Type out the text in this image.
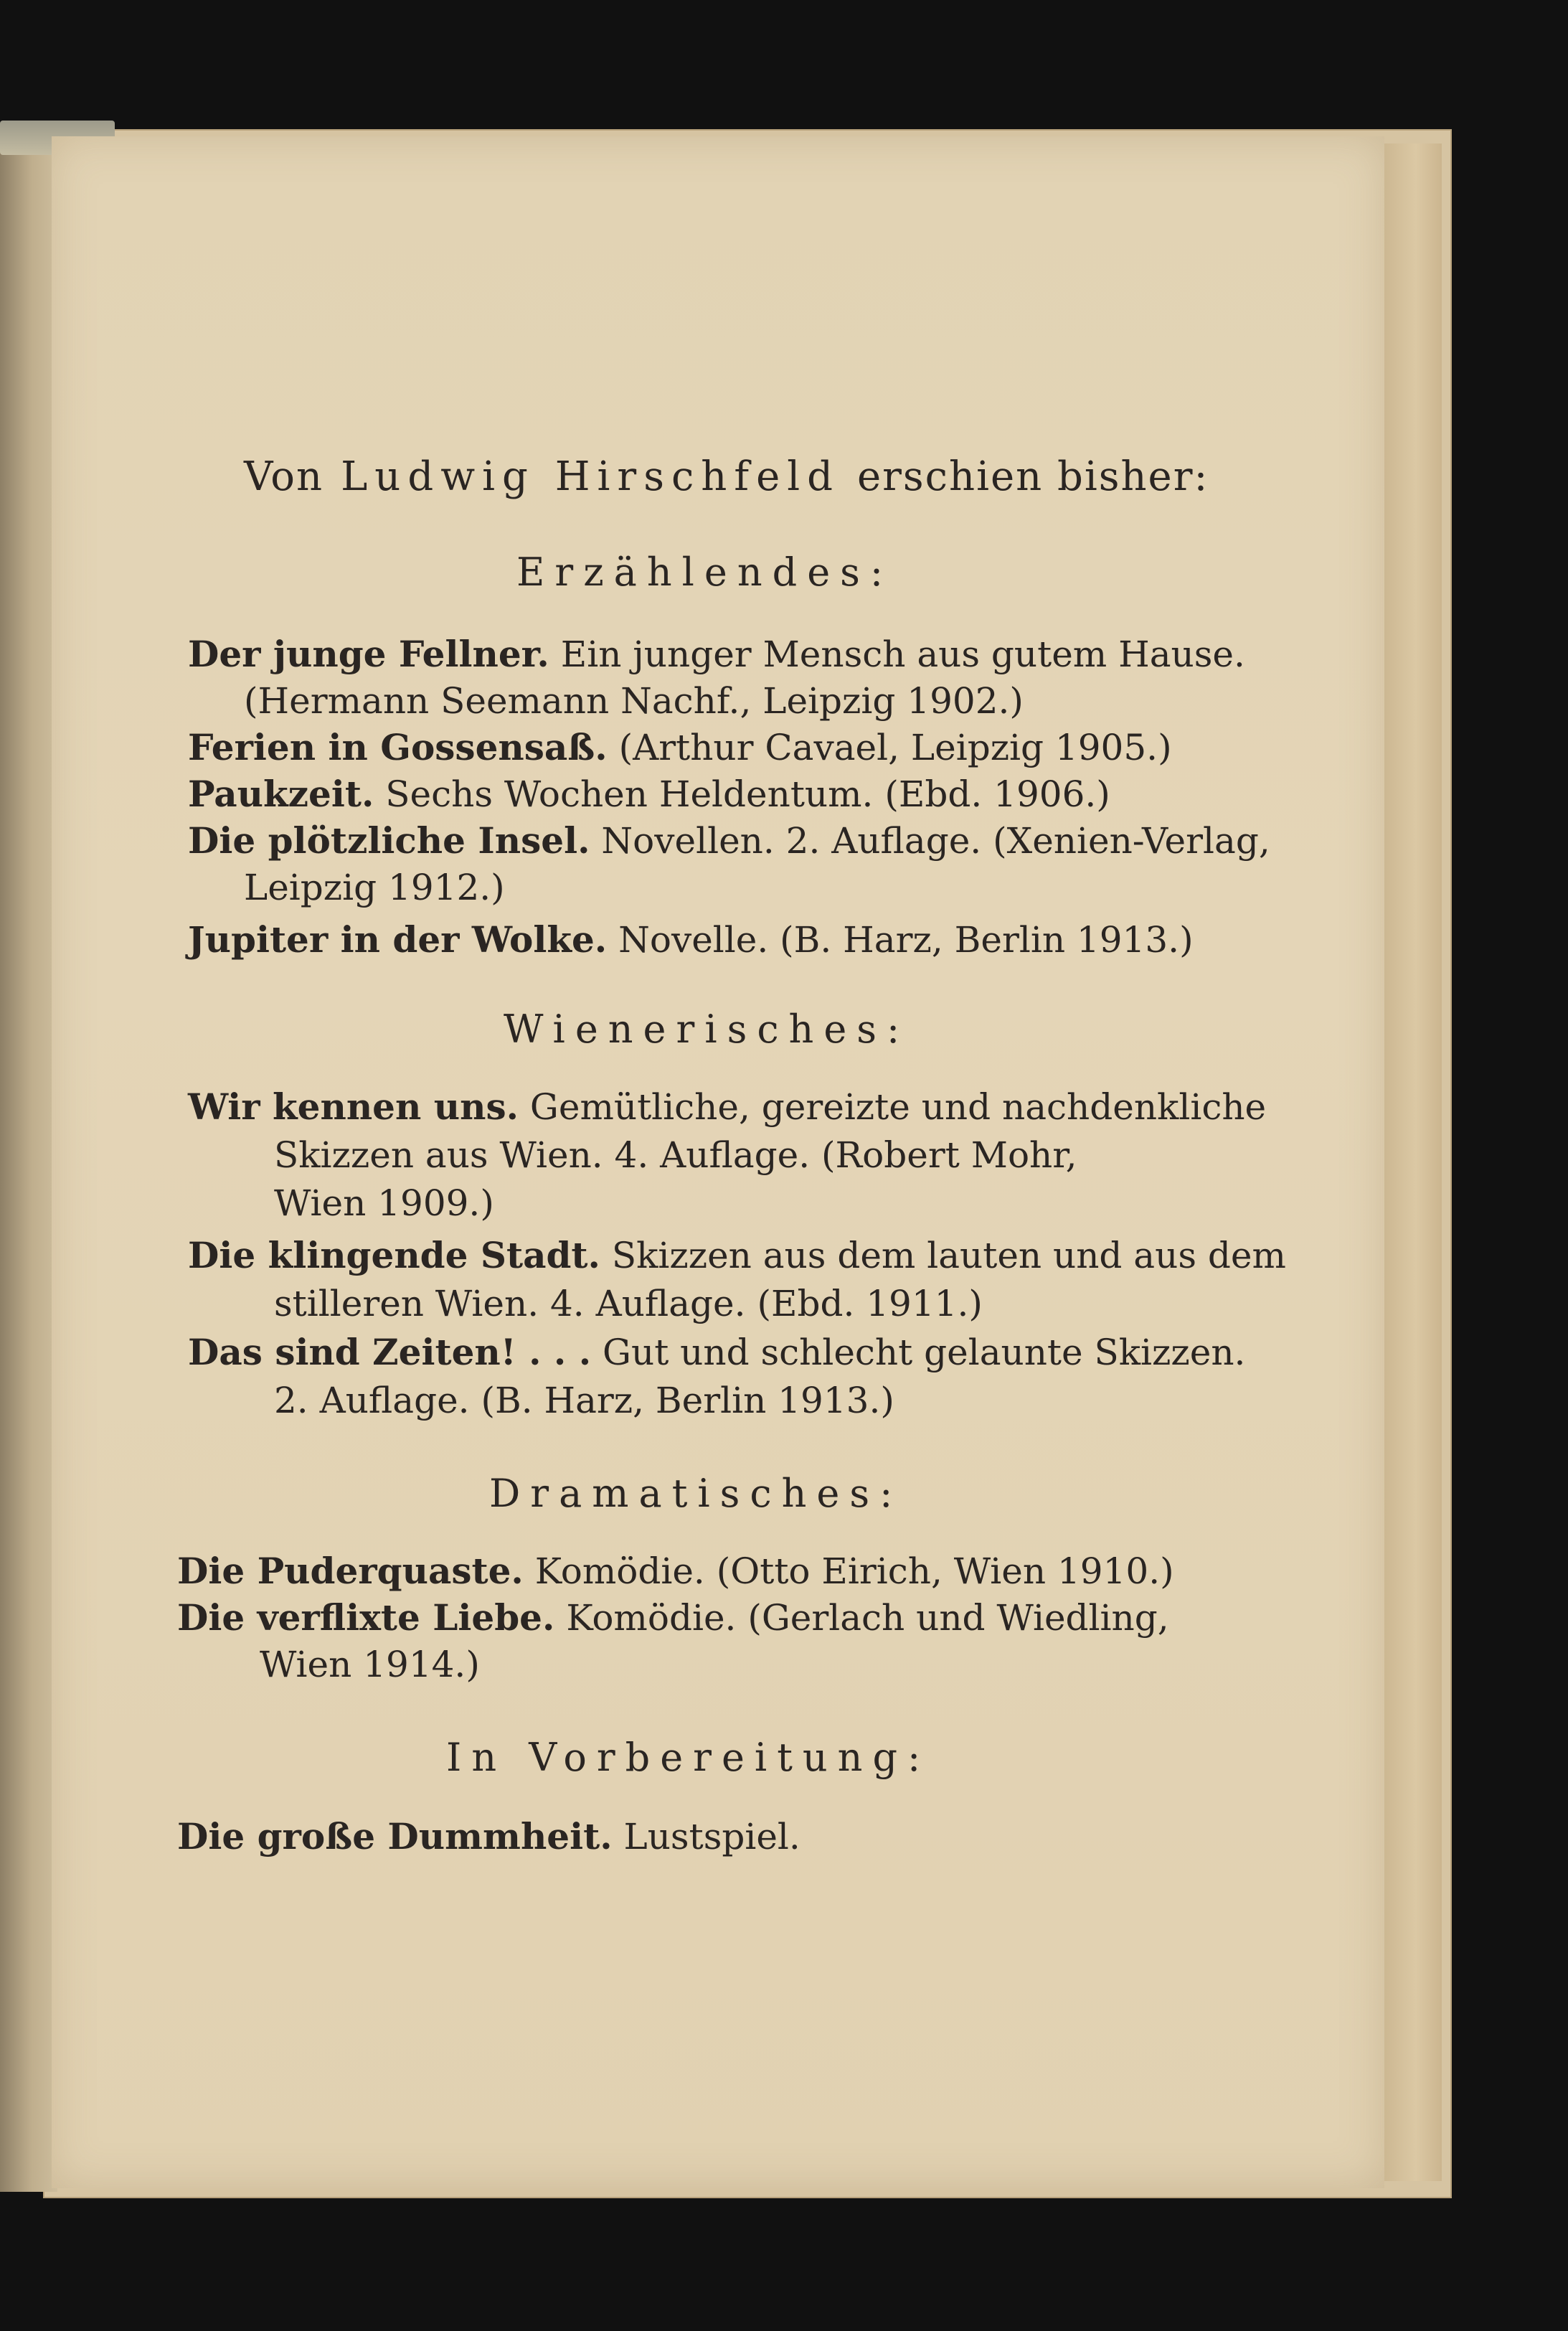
Von Ludwig Hirschfeld erschien bisher:
Erzählendes:
Der junge Fellner. Ein junger Mensch aus gutem Hause.
(Hermann Seemann Nachf., Leipzig 1902.)
Ferien in Gossensaß. (Arthur Cavael, Leipzig 1905.)
Paukzeit. Sechs Wochen Heldentum. (Ebd. 1906.)
Die plötzliche Insel. Novellen. 2. Auflage. (Xenien-Verlag,
Leipzig 1912.)
Jupiter in der Wolke. Novelle. (B. Harz, Berlin 1913.)
Wienerisches:
Wir kennen uns. Gemütliche, gereizte und nachdenkliche
Skizzen aus Wien. 4. Auflage. (Robert Mohr,
Wien 1909.)
Die klingende Stadt. Skizzen aus dem lauten und aus dem
stilleren Wien. 4. Auflage. (Ebd. 1911.)
Das sind Zeiten! . . . Gut und schlecht gelaunte Skizzen.
2. Auflage. (B. Harz, Berlin 1913.)
Dramatisches:
Die Puderquaste. Komödie. (Otto Eirich, Wien 1910.)
Die verflixte Liebe. Komödie. (Gerlach und Wiedling,
Wien 1914.)
In Vorbereitung:
Die große Dummheit. Lustspiel.
